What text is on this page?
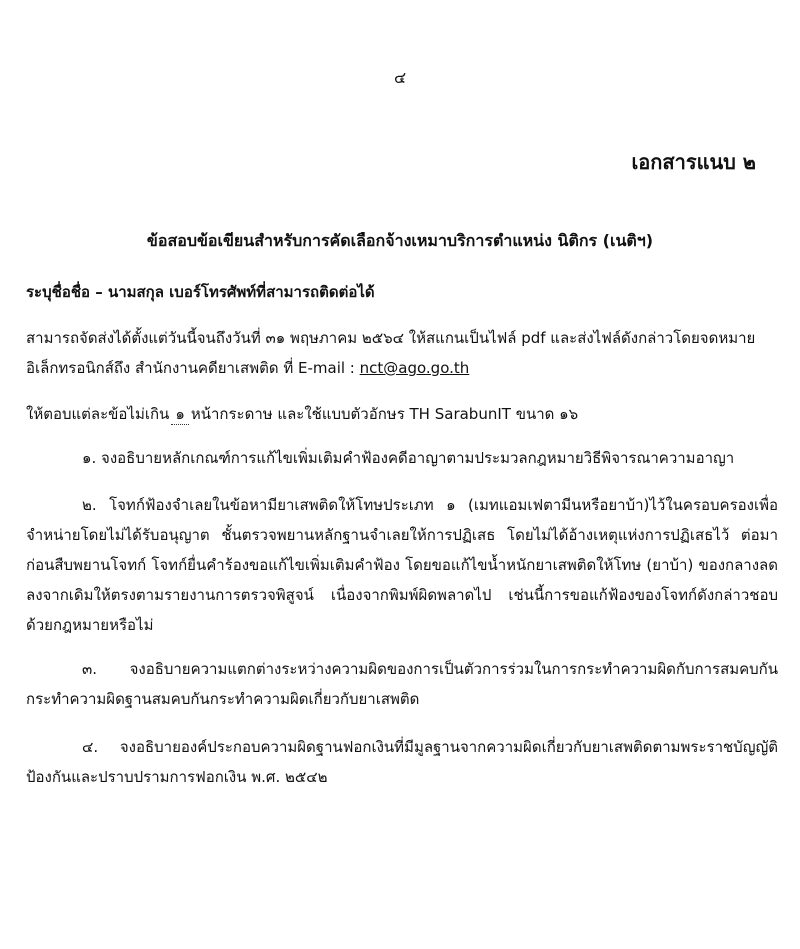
๔
เอกสารแนบ ๒
ข้อสอบข้อเขียนสำหรับการคัดเลือกจ้างเหมาบริการตำแหน่ง นิติกร (เนติฯ)
ระบุชื่อชื่อ – นามสกุล เบอร์โทรศัพท์ที่สามารถติดต่อได้
สามารถจัดส่งได้ตั้งแต่วันนี้จนถึงวันที่ ๓๑ พฤษภาคม ๒๕๖๔ ให้สแกนเป็นไฟล์ pdf และส่งไฟล์ดังกล่าวโดยจดหมาย
อิเล็กทรอนิกส์ถึง สำนักงานคดียาเสพติด ที่ E-mail : nct@ago.go.th
ให้ตอบแต่ละข้อไม่เกิน ๑ หน้ากระดาษ และใช้แบบตัวอักษร TH SarabunIT ขนาด ๑๖
๑. จงอธิบายหลักเกณฑ์การแก้ไขเพิ่มเติมคำฟ้องคดีอาญาตามประมวลกฎหมายวิธีพิจารณาความอาญา
๒. โจทก์ฟ้องจำเลยในข้อหามียาเสพติดให้โทษประเภท ๑ (เมทแอมเฟตามีนหรือยาบ้า)ไว้ในครอบครองเพื่อจำหน่ายโดยไม่ได้รับอนุญาต ชั้นตรวจพยานหลักฐานจำเลยให้การปฏิเสธ โดยไม่ได้อ้างเหตุแห่งการปฏิเสธไว้ ต่อมาก่อนสืบพยานโจทก์ โจทก์ยื่นคำร้องขอแก้ไขเพิ่มเติมคำฟ้อง โดยขอแก้ไขน้ำหนักยาเสพติดให้โทษ (ยาบ้า) ของกลางลดลงจากเดิมให้ตรงตามรายงานการตรวจพิสูจน์ เนื่องจากพิมพ์ผิดพลาดไป เช่นนี้การขอแก้ฟ้องของโจทก์ดังกล่าวชอบด้วยกฎหมายหรือไม่
๓. จงอธิบายความแตกต่างระหว่างความผิดของการเป็นตัวการร่วมในการกระทำความผิดกับการสมคบกันกระทำความผิดฐานสมคบกันกระทำความผิดเกี่ยวกับยาเสพติด
๔. จงอธิบายองค์ประกอบความผิดฐานฟอกเงินที่มีมูลฐานจากความผิดเกี่ยวกับยาเสพติดตามพระราชบัญญัติป้องกันและปราบปรามการฟอกเงิน พ.ศ. ๒๕๔๒
